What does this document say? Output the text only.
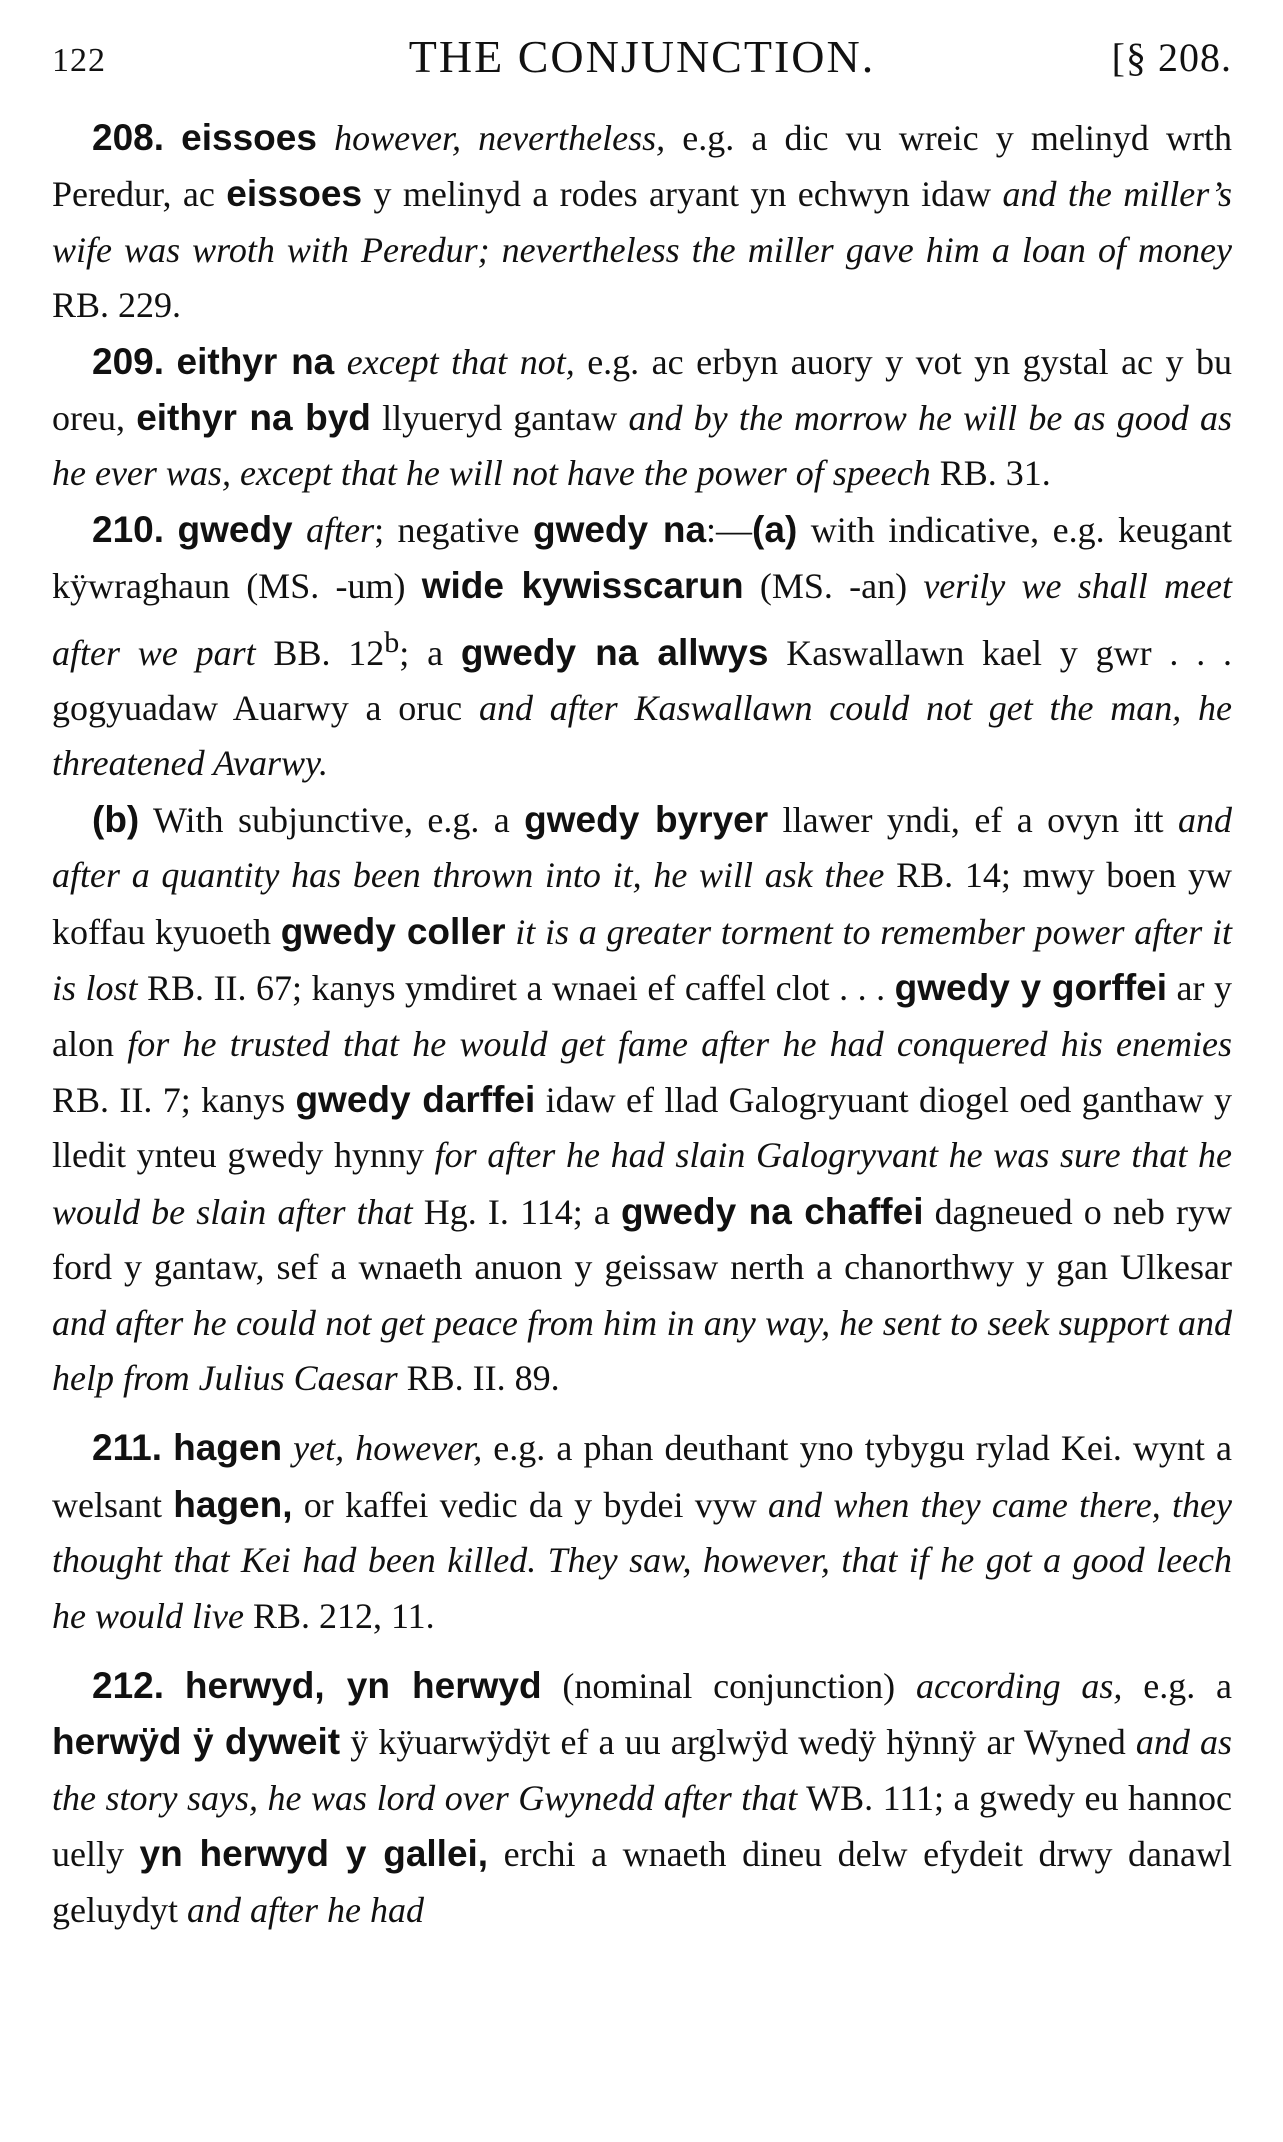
122	THE CONJUNCTION.	[§ 208.

208. eissoes however, nevertheless, e.g. a dic vu wreic y melinyd wrth Peredur, ac eissoes y melinyd a rodes aryant yn echwyn idaw and the miller’s wife was wroth with Peredur; nevertheless the miller gave him a loan of money RB. 229.

209. eithyr na except that not, e.g. ac erbyn auory y vot yn gystal ac y bu oreu, eithyr na byd llyueryd gantaw and by the morrow he will be as good as he ever was, except that he will not have the power of speech RB. 31.

210. gwedy after; negative gwedy na:—(a) with indicative, e.g. keugant kÿwraghaun (MS. -um) wide kywisscarun (MS. -an) verily we shall meet after we part BB. 12$^b$; a gwedy na allwys Kaswallawn kael y gwr . . . gogyuadaw Auarwy a oruc and after Kaswallawn could not get the man, he threatened Avarwy.

(b) With subjunctive, e.g. a gwedy byryer llawer yndi, ef a ovyn itt and after a quantity has been thrown into it, he will ask thee RB. 14; mwy boen yw koffau kyuoeth gwedy coller it is a greater torment to remember power after it is lost RB. II. 67; kanys ymdiret a wnaei ef caffel clot . . . gwedy y gorffei ar y alon for he trusted that he would get fame after he had conquered his enemies RB. II. 7; kanys gwedy darffei idaw ef llad Galogryuant diogel oed ganthaw y lledit ynteu gwedy hynny for after he had slain Galogryvant he was sure that he would be slain after that Hg. I. 114; a gwedy na chaffei dagneued o neb ryw ford y gantaw, sef a wnaeth anuon y geissaw nerth a chanorthwy y gan Ulkesar and after he could not get peace from him in any way, he sent to seek support and help from Julius Caesar RB. II. 89.

211. hagen yet, however, e.g. a phan deuthant yno tybygu rylad Kei. wynt a welsant hagen, or kaffei vedic da y bydei vyw and when they came there, they thought that Kei had been killed. They saw, however, that if he got a good leech he would live RB. 212, 11.

212. herwyd, yn herwyd (nominal conjunction) according as, e.g. a herwÿd ÿ dyweit ÿ kÿuarwÿdÿt ef a uu arglwÿd wedÿ hÿnnÿ ar Wyned and as the story says, he was lord over Gwynedd after that WB. 111; a gwedy eu hannoc uelly yn herwyd y gallei, erchi a wnaeth dineu delw efydeit drwy danawl geluydyt and after he had
